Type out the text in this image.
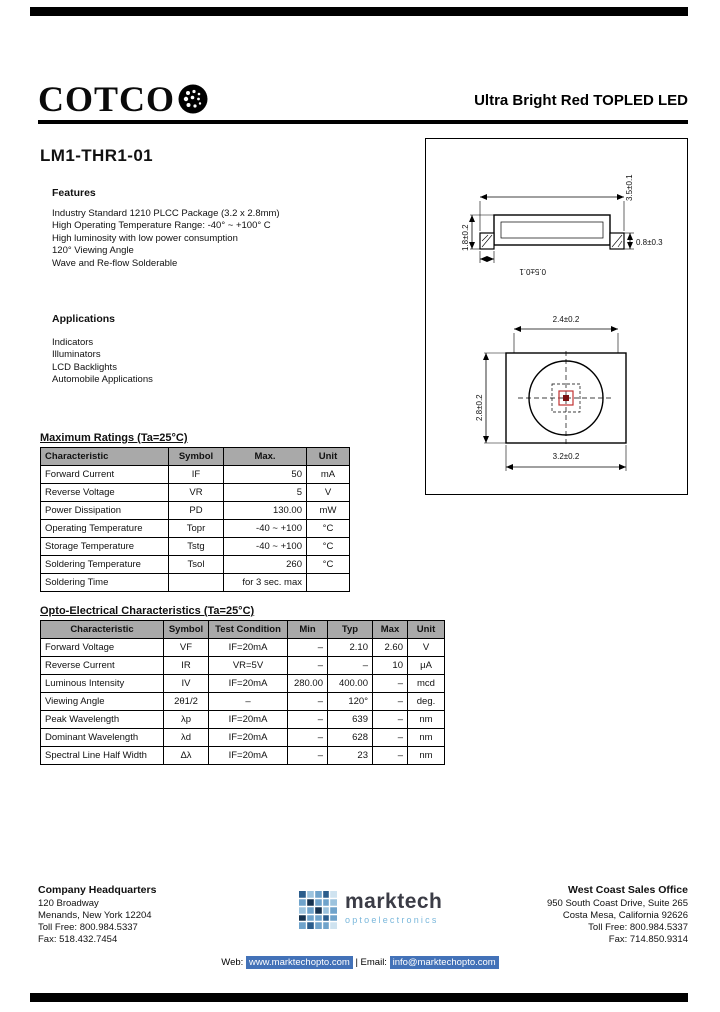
COTCO	Ultra Bright Red TOPLED LED
LM1-THR1-01
Features
Industry Standard 1210 PLCC Package (3.2 x 2.8mm)
High Operating Temperature Range: -40° ~ +100° C
High luminosity with low power consumption
120° Viewing Angle
Wave and Re-flow Solderable
Applications
Indicators
Illuminators
LCD Backlights
Automobile Applications
3.5±0.1
1.8±0.2	0.8±0.3
0.5±0.1
2.4±0.2
2.8±0.2
3.2±0.2
Maximum Ratings (Ta=25°C)
Characteristic	Symbol	Max.	Unit
Forward Current	IF	50	mA
Reverse Voltage	VR	5	V
Power Dissipation	PD	130.00	mW
Operating Temperature	Topr	-40 ~ +100	°C
Storage Temperature	Tstg	-40 ~ +100	°C
Soldering Temperature	Tsol	260	°C
Soldering Time		for 3 sec. max	
Opto-Electrical Characteristics (Ta=25°C)
Characteristic	Symbol	Test Condition	Min	Typ	Max	Unit
Forward Voltage	VF	IF=20mA	–	2.10	2.60	V
Reverse Current	IR	VR=5V	–	–	10	μA
Luminous Intensity	IV	IF=20mA	280.00	400.00	–	mcd
Viewing Angle	2θ1/2	–	–	120°	–	deg.
Peak Wavelength	λp	IF=20mA	–	639	–	nm
Dominant Wavelength	λd	IF=20mA	–	628	–	nm
Spectral Line Half Width	Δλ	IF=20mA	–	23	–	nm
Company Headquarters
120 Broadway
Menands, New York 12204
Toll Free: 800.984.5337
Fax: 518.432.7454
marktech
optoelectronics
West Coast Sales Office
950 South Coast Drive, Suite 265
Costa Mesa, California 92626
Toll Free: 800.984.5337
Fax: 714.850.9314
Web: www.marktechopto.com | Email: info@marktechopto.com
